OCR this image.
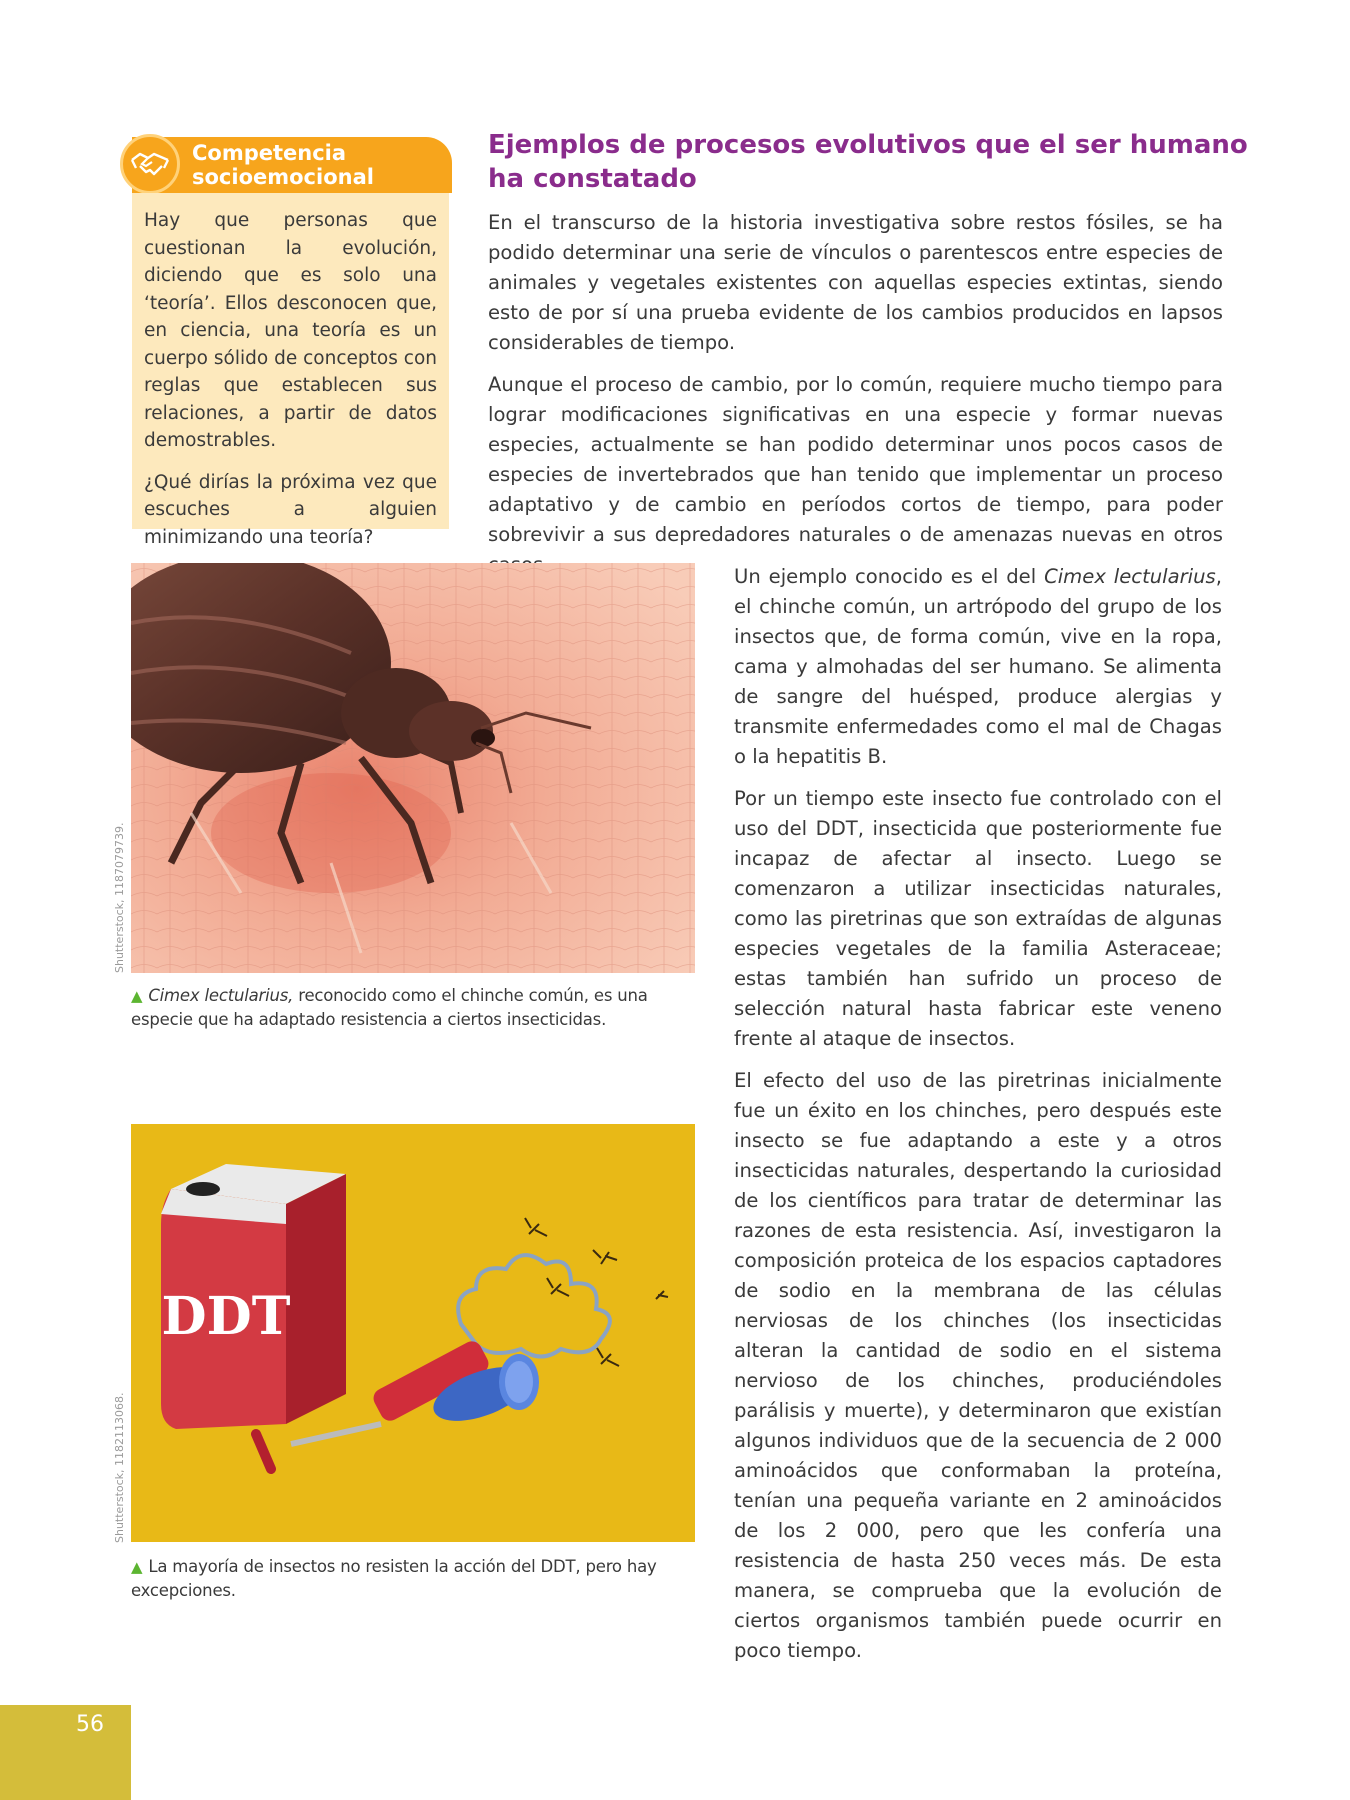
Competencia
socioemocional

Hay que personas que cuestionan la evolución, diciendo que es solo una ‘teoría’. Ellos desconocen que, en ciencia, una teoría es un cuerpo sólido de conceptos con reglas que establecen sus relaciones, a partir de datos demostrables.

¿Qué dirías la próxima vez que escuches a alguien minimizando una teoría?

Ejemplos de procesos evolutivos que el ser humano ha constatado

En el transcurso de la historia investigativa sobre restos fósiles, se ha podido determinar una serie de vínculos o parentescos entre especies de animales y vegetales existentes con aquellas especies extintas, siendo esto de por sí una prueba evidente de los cambios producidos en lapsos considerables de tiempo.

Aunque el proceso de cambio, por lo común, requiere mucho tiempo para lograr modificaciones significativas en una especie y formar nuevas especies, actualmente se han podido determinar unos pocos casos de especies de invertebrados que han tenido que implementar un proceso adaptativo y de cambio en períodos cortos de tiempo, para poder sobrevivir a sus depredadores naturales o de amenazas nuevas en otros

Shutterstock, 1187079739.
▲ Cimex lectularius, reconocido como el chinche común, es una especie que ha adaptado resistencia a ciertos insecticidas.
DDT
Shutterstock, 1182113068.
▲ La mayoría de insectos no resisten la acción del DDT, pero hay excepciones.

Un ejemplo conocido es el del Cimex lectularius, el chinche común, un artrópodo del grupo de los insectos que, de forma común, vive en la ropa, cama y almohadas del ser humano. Se alimenta de sangre del huésped, produce alergias y transmite enfermedades como el mal de Chagas o la hepatitis B.

Por un tiempo este insecto fue controlado con el uso del DDT, insecticida que posteriormente fue incapaz de afectar al insecto. Luego se comenzaron a utilizar insecticidas naturales, como las piretrinas que son extraídas de algunas especies vegetales de la familia Asteraceae; estas también han sufrido un proceso de selección natural hasta fabricar este veneno frente al ataque de insectos.

El efecto del uso de las piretrinas inicialmente fue un éxito en los chinches, pero después este insecto se fue adaptando a este y a otros insecticidas naturales, despertando la curiosidad de los científicos para tratar de determinar las razones de esta resistencia. Así, investigaron la composición proteica de los espacios captadores de sodio en la membrana de las células nerviosas de los chinches (los insecticidas alteran la cantidad de sodio en el sistema nervioso de los chinches, produciéndoles parálisis y muerte), y determinaron que existían algunos individuos que de la secuencia de 2 000 aminoácidos que conformaban la proteína, tenían una pequeña variante en 2 aminoácidos de los 2 000, pero que les confería una resistencia de hasta 250 veces más. De esta manera, se comprueba que la evolución de ciertos organismos también puede ocurrir en poco tiempo.

56
